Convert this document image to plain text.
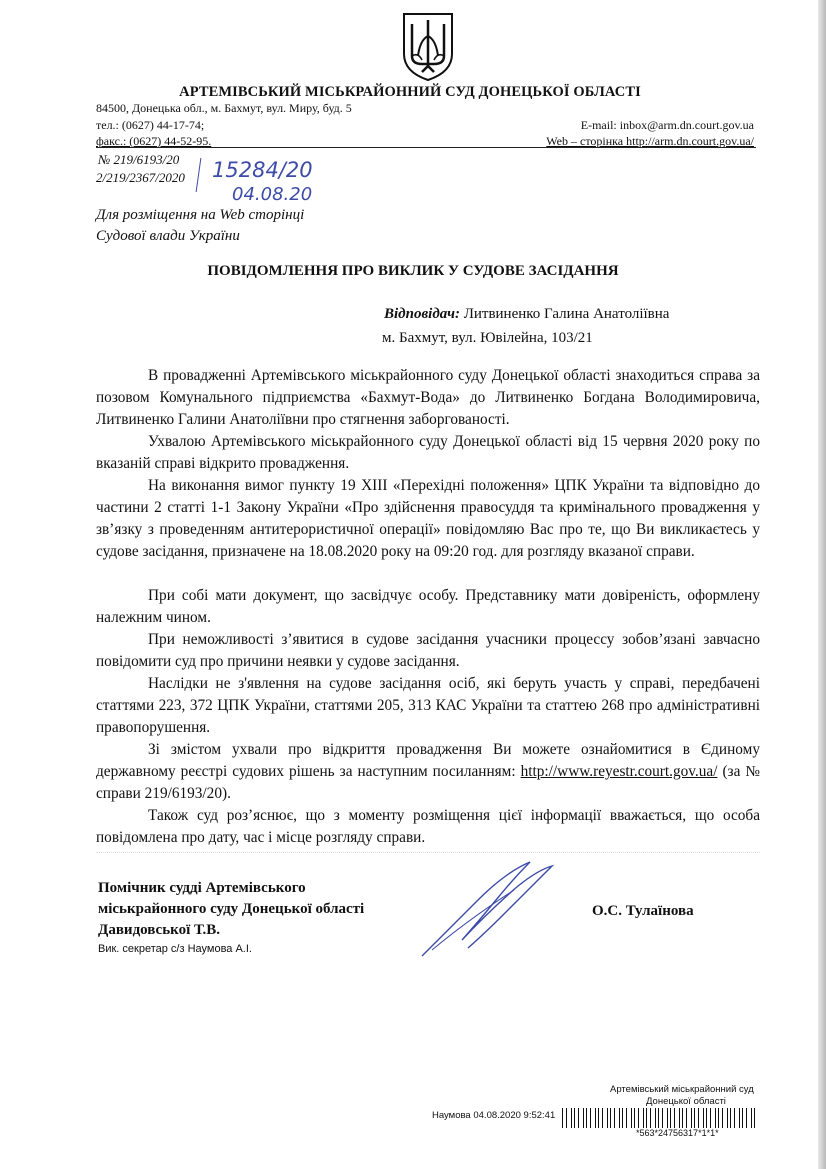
АРТЕМІВСЬКИЙ МІСЬКРАЙОННИЙ СУД ДОНЕЦЬКОЇ ОБЛАСТІ
84500, Донецька обл., м. Бахмут, вул. Миру, буд. 5
тел.: (0627) 44-17-74;
факс.: (0627) 44-52-95.
E-mail: inbox@arm.dn.court.gov.ua
Web – сторінка http://arm.dn.court.gov.ua/
№ 219/6193/20
2/219/2367/2020 15284/20
04.08.20
Для розміщення на Web сторінці
Судової влади України
ПОВІДОМЛЕННЯ ПРО ВИКЛИК У СУДОВЕ ЗАСІДАННЯ
Відповідач: Литвиненко Галина Анатоліївна
м. Бахмут, вул. Ювілейна, 103/21
В провадженні Артемівського міськрайонного суду Донецької області знаходиться справа за позовом Комунального підприємства «Бахмут-Вода» до Литвиненко Богдана Володимировича, Литвиненко Галини Анатоліївни про стягнення заборгованості.
Ухвалою Артемівського міськрайонного суду Донецької області від 15 червня 2020 року по вказаній справі відкрито провадження.
На виконання вимог пункту 19 XIII «Перехідні положення» ЦПК України та відповідно до частини 2 статті 1-1 Закону України «Про здійснення правосуддя та кримінального провадження у зв’язку з проведенням антитерористичної операції» повідомляю Вас про те, що Ви викликаєтесь у судове засідання, призначене на 18.08.2020 року на 09:20 год. для розгляду вказаної справи.
При собі мати документ, що засвідчує особу. Представнику мати довіреність, оформлену належним чином.
При неможливості з’явитися в судове засідання учасники процессу зобов’язані завчасно повідомити суд про причини неявки у судове засідання.
Наслідки не з'явлення на судове засідання осіб, які беруть участь у справі, передбачені статтями 223, 372 ЦПК України, статтями 205, 313 КАС України та статтею 268 про адміністративні правопорушення.
Зі змістом ухвали про відкриття провадження Ви можете ознайомитися в Єдиному державному реєстрі судових рішень за наступним посиланням: http://www.reyestr.court.gov.ua/ (за № справи 219/6193/20).
Також суд роз’яснює, що з моменту розміщення цієї інформації вважається, що особа повідомлена про дату, час і місце розгляду справи.
Помічник судді Артемівського
міськрайонного суду Донецької області
Давидовської Т.В.
Вик. секретар с/з Наумова А.І.
О.С. Тулаїнова
Артемівський міськрайонний суд
Донецької області
Наумова 04.08.2020 9:52:41
*563*24756317*1*1*
